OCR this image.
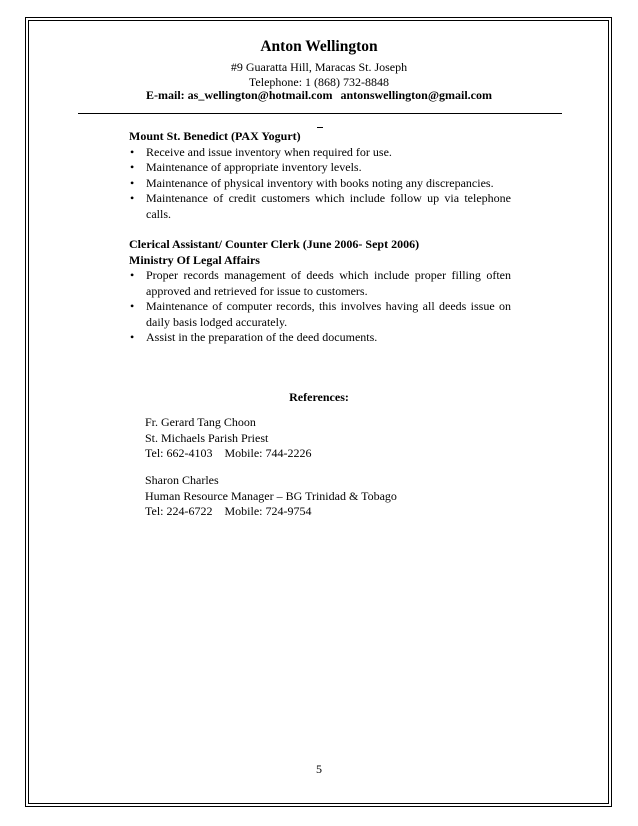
Anton Wellington
#9 Guaratta Hill, Maracas St. Joseph
Telephone: 1 (868) 732-8848
E-mail: as_wellington@hotmail.com antonswellington@gmail.com
Mount St. Benedict (PAX Yogurt)
• Receive and issue inventory when required for use.
• Maintenance of appropriate inventory levels.
• Maintenance of physical inventory with books noting any discrepancies.
• Maintenance of credit customers which include follow up via telephone calls.
Clerical Assistant/ Counter Clerk (June 2006- Sept 2006)
Ministry Of Legal Affairs
• Proper records management of deeds which include proper filling often approved and retrieved for issue to customers.
• Maintenance of computer records, this involves having all deeds issue on daily basis lodged accurately.
• Assist in the preparation of the deed documents.
References:
Fr. Gerard Tang Choon
St. Michaels Parish Priest
Tel: 662-4103 Mobile: 744-2226
Sharon Charles
Human Resource Manager – BG Trinidad & Tobago
Tel: 224-6722 Mobile: 724-9754
5
